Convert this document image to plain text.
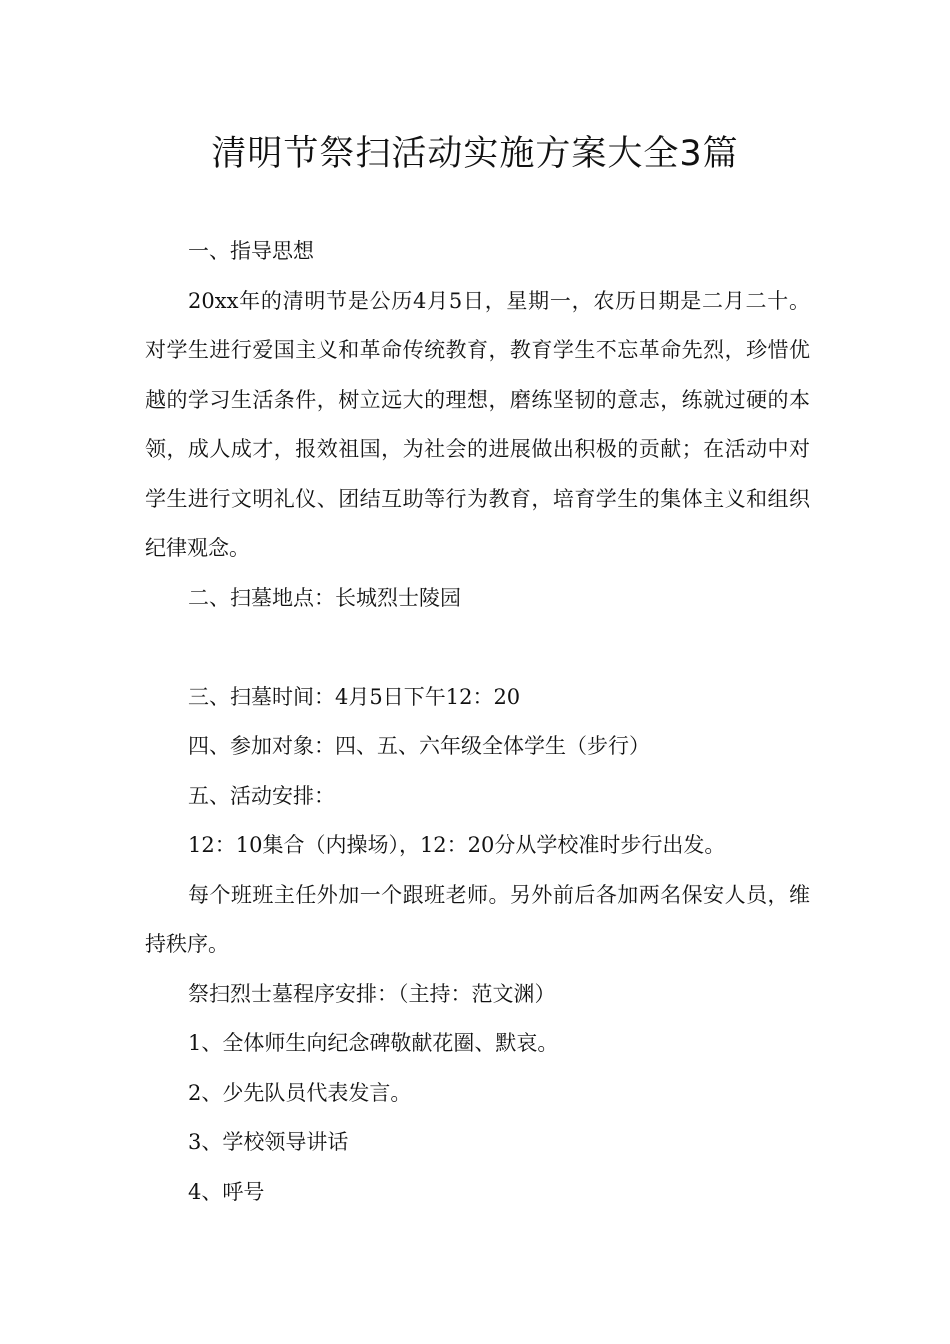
清明节祭扫活动实施方案大全3篇

一、指导思想

20xx年的清明节是公历4月5日，星期一，农历日期是二月二十。对学生进行爱国主义和革命传统教育，教育学生不忘革命先烈，珍惜优越的学习生活条件，树立远大的理想，磨练坚韧的意志，练就过硬的本领，成人成才，报效祖国，为社会的进展做出积极的贡献；在活动中对学生进行文明礼仪、团结互助等行为教育，培育学生的集体主义和组织纪律观念。

二、扫墓地点：长城烈士陵园

三、扫墓时间：4月5日下午12：20

四、参加对象：四、五、六年级全体学生（步行）

五、活动安排：

12：10集合（内操场），12：20分从学校准时步行出发。

每个班班主任外加一个跟班老师。另外前后各加两名保安人员，维持秩序。

祭扫烈士墓程序安排：（主持：范文渊）

1、全体师生向纪念碑敬献花圈、默哀。

2、少先队员代表发言。

3、学校领导讲话

4、呼号
